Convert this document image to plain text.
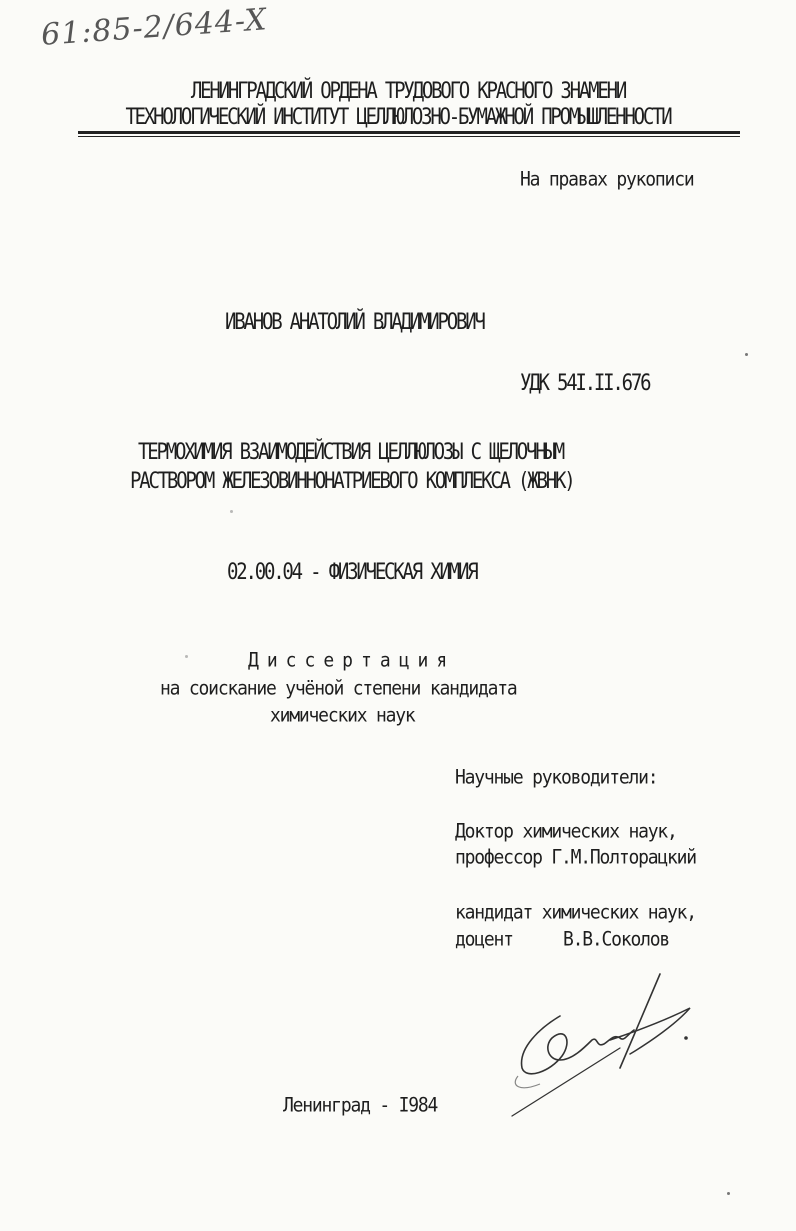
61:85-2/644-X
ЛЕНИНГРАДСКИЙ ОРДЕНА ТРУДОВОГО КРАСНОГО ЗНАМЕНИ
ТЕХНОЛОГИЧЕСКИЙ ИНСТИТУТ ЦЕЛЛЮЛОЗНО-БУМАЖНОЙ ПРОМЫШЛЕННОСТИ
На правах рукописи
ИВАНОВ АНАТОЛИЙ ВЛАДИМИРОВИЧ
УДК 54I.II.676
ТЕРМОХИМИЯ ВЗАИМОДЕЙСТВИЯ ЦЕЛЛЮЛОЗЫ С ЩЕЛОЧНЫМ
РАСТВОРОМ ЖЕЛЕЗОВИННОНАТРИЕВОГО КОМПЛЕКСА (ЖВНК)
02.00.04 - ФИЗИЧЕСКАЯ ХИМИЯ
Диссертация
на соискание учёной степени кандидата
химических наук
Научные руководители:
Доктор химических наук,
профессор Г.М.Полторацкий
кандидат химических наук,
доцент	В.В.Соколов
Ленинград - I984
